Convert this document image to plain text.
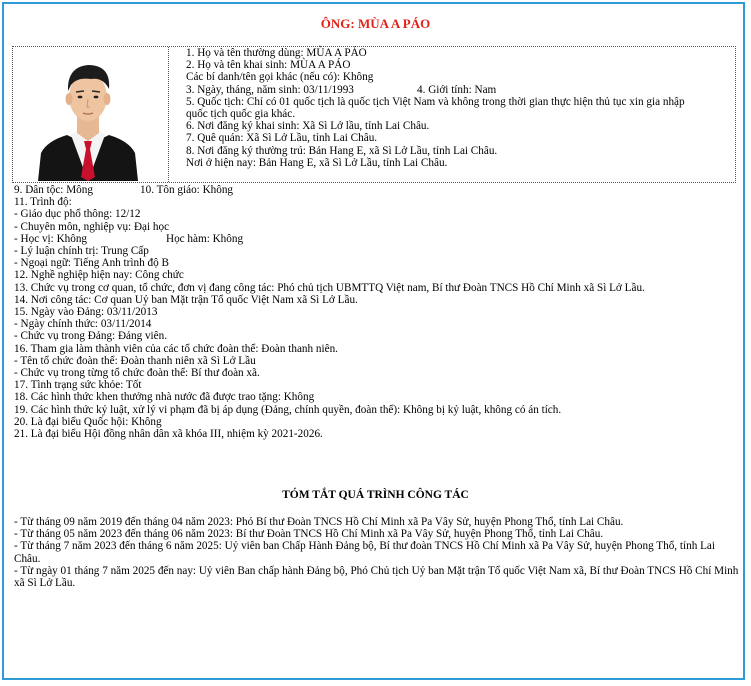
ÔNG: MÙA A PÁO
1. Họ và tên thường dùng: MÙA A PÁO
2. Họ và tên khai sinh: MÙA A PÁO
Các bí danh/tên gọi khác (nếu có): Không
3. Ngày, tháng, năm sinh: 03/11/1993	4. Giới tính: Nam
5. Quốc tịch: Chỉ có 01 quốc tịch là quốc tịch Việt Nam và không trong thời gian thực hiện thủ tục xin gia nhập
quốc tịch quốc gia khác.
6. Nơi đăng ký khai sinh: Xã Sì Lở lầu, tỉnh Lai Châu.
7. Quê quán: Xã Sì Lở Lầu, tỉnh Lai Châu.
8. Nơi đăng ký thường trú: Bản Hang E, xã Sì Lở Lầu, tỉnh Lai Châu.
Nơi ở hiện nay: Bản Hang E, xã Sì Lở Lầu, tỉnh Lai Châu.
9. Dân tộc: Mông	10. Tôn giáo: Không
11. Trình độ:
- Giáo dục phổ thông: 12/12
- Chuyên môn, nghiệp vụ: Đại học
- Học vị: Không	Học hàm: Không
- Lý luận chính trị: Trung Cấp
- Ngoại ngữ: Tiếng Anh trình độ B
12. Nghề nghiệp hiện nay: Công chức
13. Chức vụ trong cơ quan, tổ chức, đơn vị đang công tác: Phó chủ tịch UBMTTQ Việt nam, Bí thư Đoàn TNCS Hồ Chí Minh xã Sì Lở Lầu.
14. Nơi công tác: Cơ quan Uỷ ban Mặt trận Tổ quốc Việt Nam xã Sì Lở Lầu.
15. Ngày vào Đảng: 03/11/2013
- Ngày chính thức: 03/11/2014
- Chức vụ trong Đảng: Đảng viên.
16. Tham gia làm thành viên của các tổ chức đoàn thể: Đoàn thanh niên.
- Tên tổ chức đoàn thể: Đoàn thanh niên xã Sì Lở Lầu
- Chức vụ trong từng tổ chức đoàn thể: Bí thư đoàn xã.
17. Tình trạng sức khỏe: Tốt
18. Các hình thức khen thưởng nhà nước đã được trao tặng: Không
19. Các hình thức kỷ luật, xử lý vi phạm đã bị áp dụng (Đảng, chính quyền, đoàn thể): Không bị kỷ luật, không có án tích.
20. Là đại biểu Quốc hội: Không
21. Là đại biểu Hội đồng nhân dân xã khóa III, nhiệm kỳ 2021-2026.
TÓM TẮT QUÁ TRÌNH CÔNG TÁC
- Từ tháng 09 năm 2019 đến tháng 04 năm 2023: Phó Bí thư Đoàn TNCS Hồ Chí Minh xã Pa Vây Sử, huyện Phong Thổ, tỉnh Lai Châu.
- Từ tháng 05 năm 2023 đến tháng 06 năm 2023: Bí thư Đoàn TNCS Hồ Chí Minh xã Pa Vây Sử, huyện Phong Thổ, tỉnh Lai Châu.
- Từ tháng 7 năm 2023 đến tháng 6 năm 2025: Uỷ viên ban Chấp Hành Đảng bộ, Bí thư đoàn TNCS Hồ Chí Minh xã Pa Vây Sử, huyện Phong Thổ, tỉnh Lai Châu.
- Từ ngày 01 tháng 7 năm 2025 đến nay: Uỷ viên Ban chấp hành Đảng bộ, Phó Chủ tịch Uỷ ban Mặt trận Tổ quốc Việt Nam xã, Bí thư Đoàn TNCS Hồ Chí Minh xã Sì Lở Lầu.
